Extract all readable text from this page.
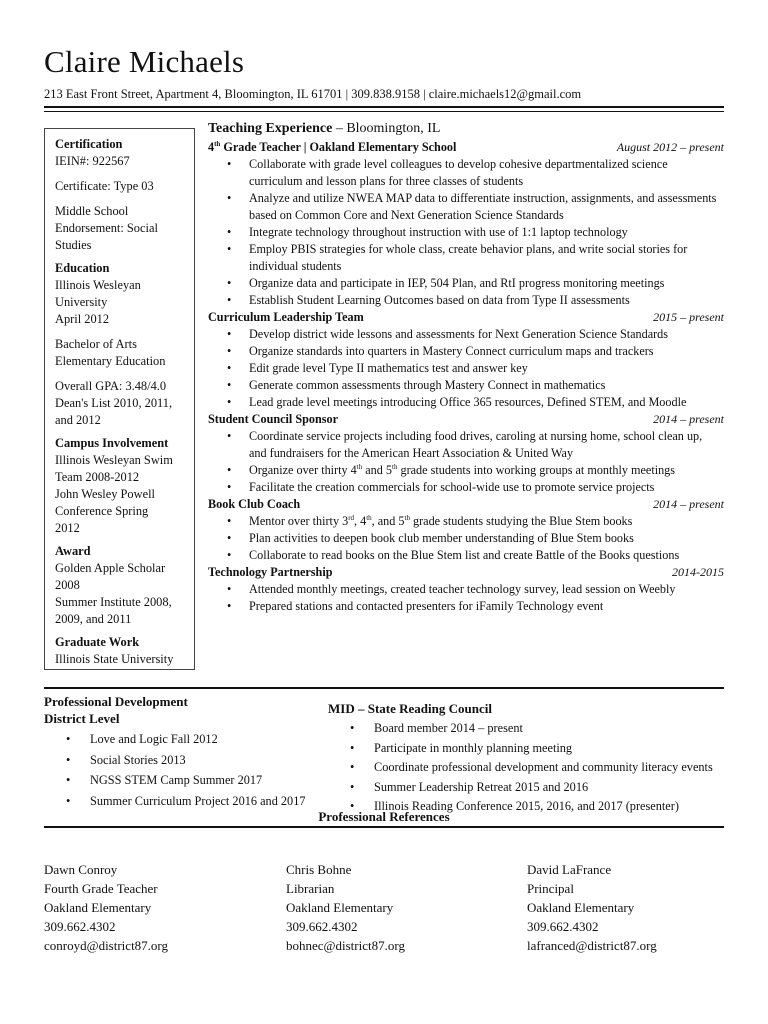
Claire Michaels
213 East Front Street, Apartment 4, Bloomington, IL 61701 | 309.838.9158 | claire.michaels12@gmail.com
Certification
IEIN#: 922567
Certificate: Type 03
Middle School
Endorsement: Social
Studies
Education
Illinois Wesleyan
University
April 2012
Bachelor of Arts
Elementary Education
Overall GPA: 3.48/4.0
Dean's List 2010, 2011,
and 2012
Campus Involvement
Illinois Wesleyan Swim
Team 2008-2012
John Wesley Powell
Conference Spring
2012
Award
Golden Apple Scholar
2008
Summer Institute 2008,
2009, and 2011
Graduate Work
Illinois State University
Teaching Experience – Bloomington, IL
4th Grade Teacher | Oakland Elementary School	August 2012 – present
• Collaborate with grade level colleagues to develop cohesive departmentalized science curriculum and lesson plans for three classes of students
• Analyze and utilize NWEA MAP data to differentiate instruction, assignments, and assessments based on Common Core and Next Generation Science Standards
• Integrate technology throughout instruction with use of 1:1 laptop technology
• Employ PBIS strategies for whole class, create behavior plans, and write social stories for individual students
• Organize data and participate in IEP, 504 Plan, and RtI progress monitoring meetings
• Establish Student Learning Outcomes based on data from Type II assessments
Curriculum Leadership Team	2015 – present
• Develop district wide lessons and assessments for Next Generation Science Standards
• Organize standards into quarters in Mastery Connect curriculum maps and trackers
• Edit grade level Type II mathematics test and answer key
• Generate common assessments through Mastery Connect in mathematics
• Lead grade level meetings introducing Office 365 resources, Defined STEM, and Moodle
Student Council Sponsor	2014 – present
• Coordinate service projects including food drives, caroling at nursing home, school clean up, and fundraisers for the American Heart Association & United Way
• Organize over thirty 4th and 5th grade students into working groups at monthly meetings
• Facilitate the creation commercials for school-wide use to promote service projects
Book Club Coach	2014 – present
• Mentor over thirty 3rd, 4th, and 5th grade students studying the Blue Stem books
• Plan activities to deepen book club member understanding of Blue Stem books
• Collaborate to read books on the Blue Stem list and create Battle of the Books questions
Technology Partnership	2014-2015
• Attended monthly meetings, created teacher technology survey, lead session on Weebly
• Prepared stations and contacted presenters for iFamily Technology event
Professional Development
District Level
• Love and Logic Fall 2012
• Social Stories 2013
• NGSS STEM Camp Summer 2017
• Summer Curriculum Project 2016 and 2017
MID – State Reading Council
• Board member 2014 – present
• Participate in monthly planning meeting
• Coordinate professional development and community literacy events
• Summer Leadership Retreat 2015 and 2016
• Illinois Reading Conference 2015, 2016, and 2017 (presenter)
Professional References
Dawn Conroy
Fourth Grade Teacher
Oakland Elementary
309.662.4302
conroyd@district87.org
Chris Bohne
Librarian
Oakland Elementary
309.662.4302
bohnec@district87.org
David LaFrance
Principal
Oakland Elementary
309.662.4302
lafranced@district87.org
